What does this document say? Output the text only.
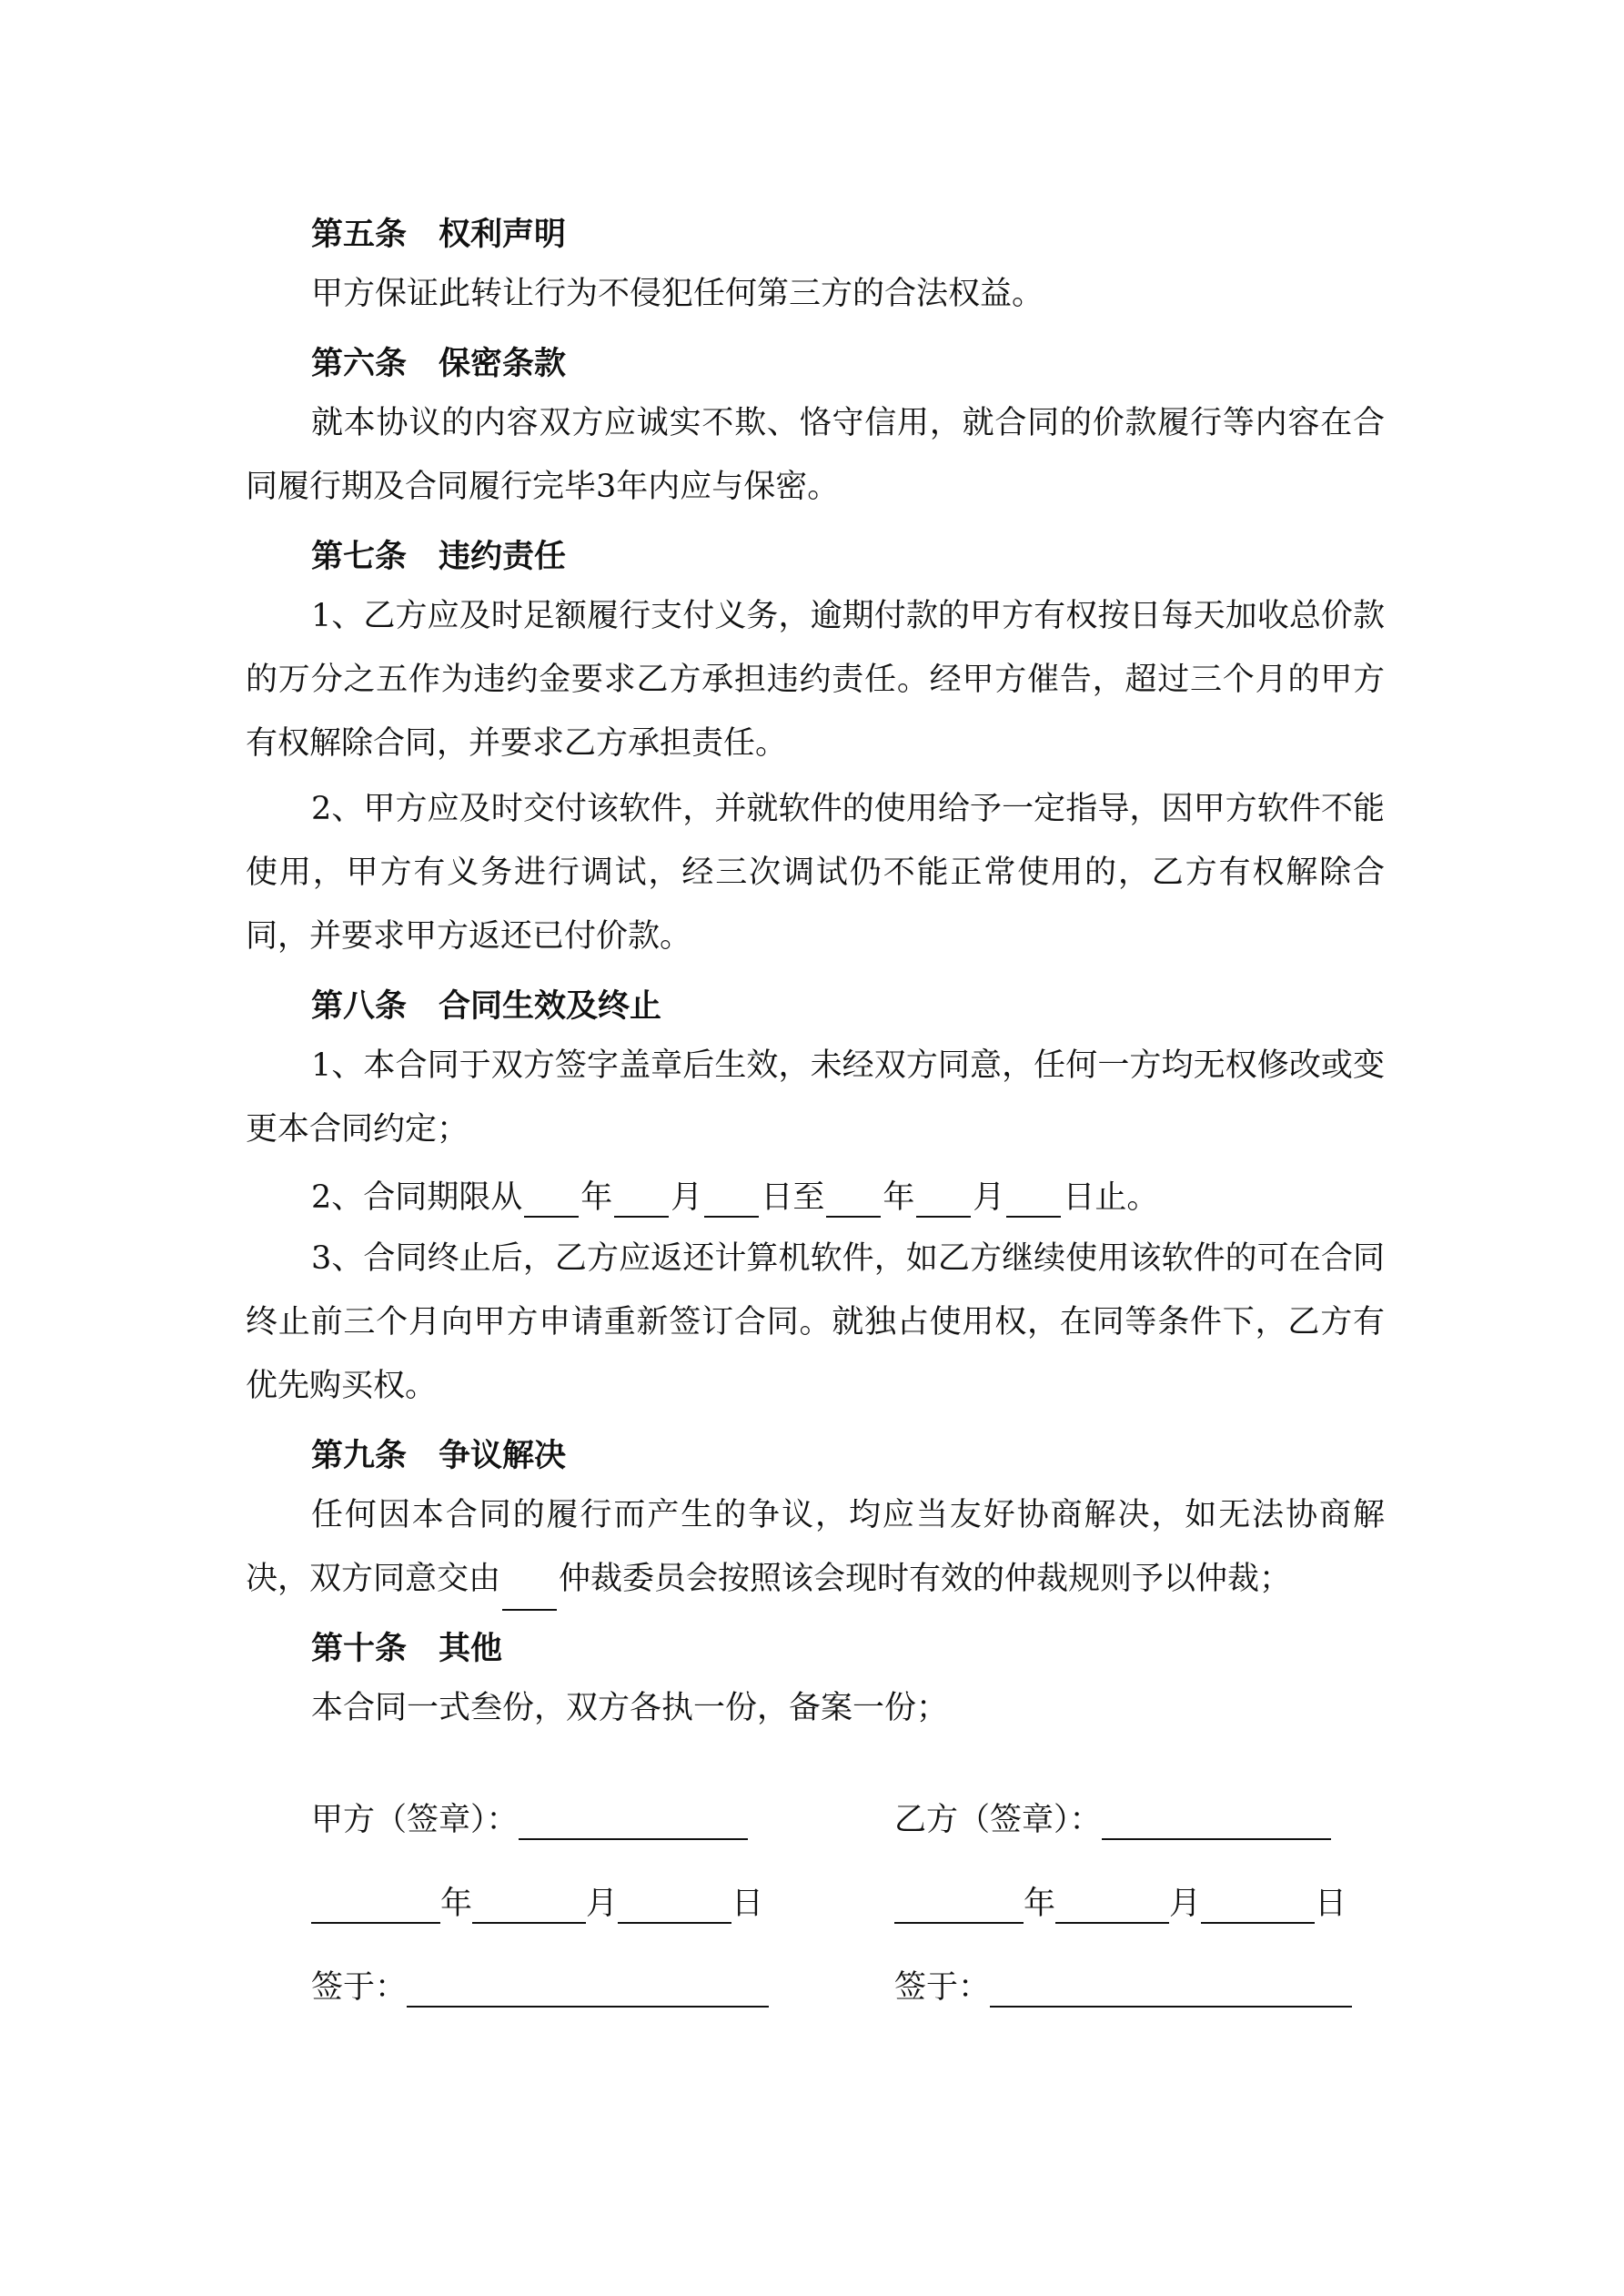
第五条　权利声明

甲方保证此转让行为不侵犯任何第三方的合法权益。

第六条　保密条款

就本协议的内容双方应诚实不欺、恪守信用，就合同的价款履行等内容在合同履行期及合同履行完毕3年内应与保密。

第七条　违约责任

1、乙方应及时足额履行支付义务，逾期付款的甲方有权按日每天加收总价款的万分之五作为违约金要求乙方承担违约责任。经甲方催告，超过三个月的甲方有权解除合同，并要求乙方承担责任。

2、甲方应及时交付该软件，并就软件的使用给予一定指导，因甲方软件不能使用，甲方有义务进行调试，经三次调试仍不能正常使用的，乙方有权解除合同，并要求甲方返还已付价款。

第八条　合同生效及终止

1、本合同于双方签字盖章后生效，未经双方同意，任何一方均无权修改或变更本合同约定；

2、合同期限从 年 月 日至 年 月 日止。

3、合同终止后，乙方应返还计算机软件，如乙方继续使用该软件的可在合同终止前三个月向甲方申请重新签订合同。就独占使用权，在同等条件下，乙方有优先购买权。

第九条　争议解决

任何因本合同的履行而产生的争议，均应当友好协商解决，如无法协商解决，双方同意交由 仲裁委员会按照该会现时有效的仲裁规则予以仲裁；

第十条　其他

本合同一式叁份，双方各执一份，备案一份；

甲方（签章）：	乙方（签章）：
年	月	日	年	月	日
签于：	签于：
